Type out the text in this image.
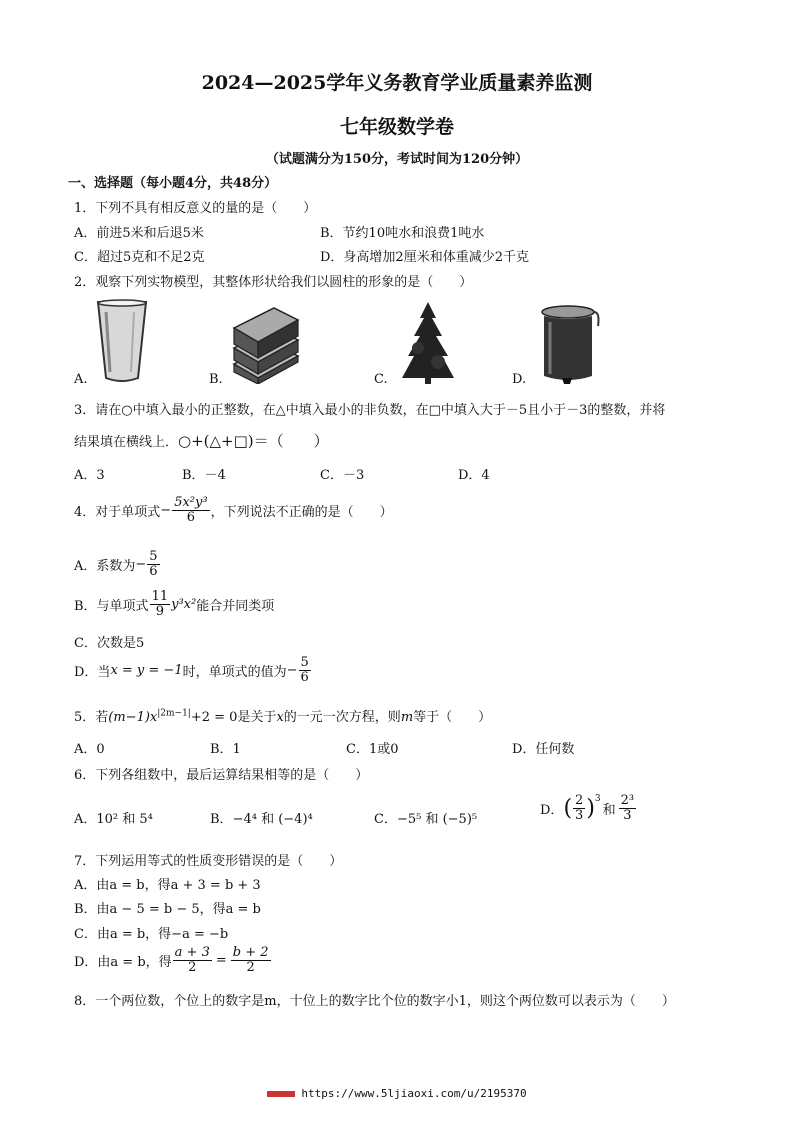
2024—2025学年义务教育学业质量素养监测
七年级数学卷
（试题满分为150分，考试时间为120分钟）
一、选择题（每小题4分，共48分）
1．下列不具有相反意义的量的是（　　）
A．前进5米和后退5米	B．节约10吨水和浪费1吨水
C．超过5克和不足2克	D．身高增加2厘米和体重减少2千克
2．观察下列实物模型，其整体形状给我们以圆柱的形象的是（　　）
A.	B.	C.	D.
3．请在○中填入最小的正整数，在△中填入最小的非负数，在□中填入大于－5且小于－3的整数，并将
结果填在横线上．○+(△+□)＝（　　）
A．3	B．－4	C．－3	D．4
4．对于单项式 − $\frac{\text{5x²y³}}{6}$ ，下列说法不正确的是（　　）
A．系数为 − $\frac{5}{6}$
B．与单项式 $\frac{11}{9} y^3x^2$ 能合并同类项
C．次数是5
D．当 x = y = −1 时，单项式的值为 − $\frac{5}{6}$
5．若$(m-1)x^{|2m-1|}+2 = 0$是关于x的一元一次方程，则m等于（　　）
A．0	B．1	C．1或0	D．任何数
6．下列各组数中，最后运算结果相等的是（　　）
A．10² 和 5⁴	B．−4⁴ 和 (−4)⁴	C．−5⁵ 和 (−5)⁵
D． ( $\frac{2}{3} )^3$
和 $\frac{\text{2³}}{3}$
7．下列运用等式的性质变形错误的是（　　）
A．由a = b，得a + 3 = b + 3
B．由a − 5 = b − 5，得a = b
C．由a = b，得−a = −b
D．由a = b，得 $\frac{a + 3}{2} = \frac{b + 2}{2}$
8．一个两位数，个位上的数字是m，十位上的数字比个位的数字小1，则这个两位数可以表示为（　　）
https://www.5ljiaoxi.com/u/2195370
